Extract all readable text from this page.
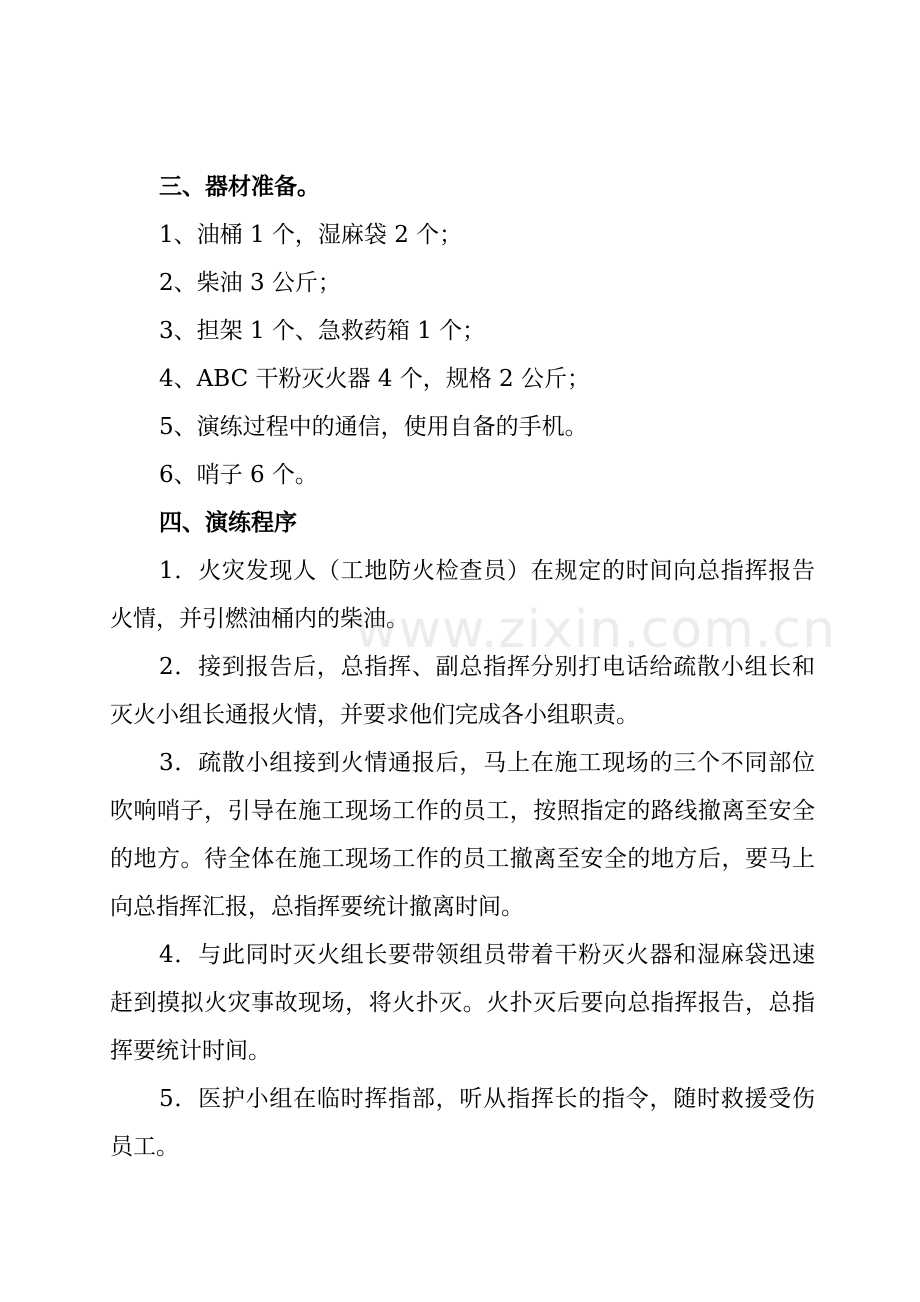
三、器材准备。
1、油桶 1 个，湿麻袋 2 个；
2、柴油 3 公斤；
3、担架 1 个、急救药箱 1 个；
4、ABC 干粉灭火器 4 个，规格 2 公斤；
5、演练过程中的通信，使用自备的手机。
6、哨子 6 个。
四、演练程序

1．火灾发现人（工地防火检查员）在规定的时间向总指挥报告火情，并引燃油桶内的柴油。

2．接到报告后，总指挥、副总指挥分别打电话给疏散小组长和灭火小组长通报火情，并要求他们完成各小组职责。

3．疏散小组接到火情通报后，马上在施工现场的三个不同部位吹响哨子，引导在施工现场工作的员工，按照指定的路线撤离至安全的地方。待全体在施工现场工作的员工撤离至安全的地方后，要马上向总指挥汇报，总指挥要统计撤离时间。

4．与此同时灭火组长要带领组员带着干粉灭火器和湿麻袋迅速赶到摸拟火灾事故现场，将火扑灭。火扑灭后要向总指挥报告，总指挥要统计时间。

5．医护小组在临时挥指部，听从指挥长的指令，随时救援受伤员工。

www.zixin.com.cn
